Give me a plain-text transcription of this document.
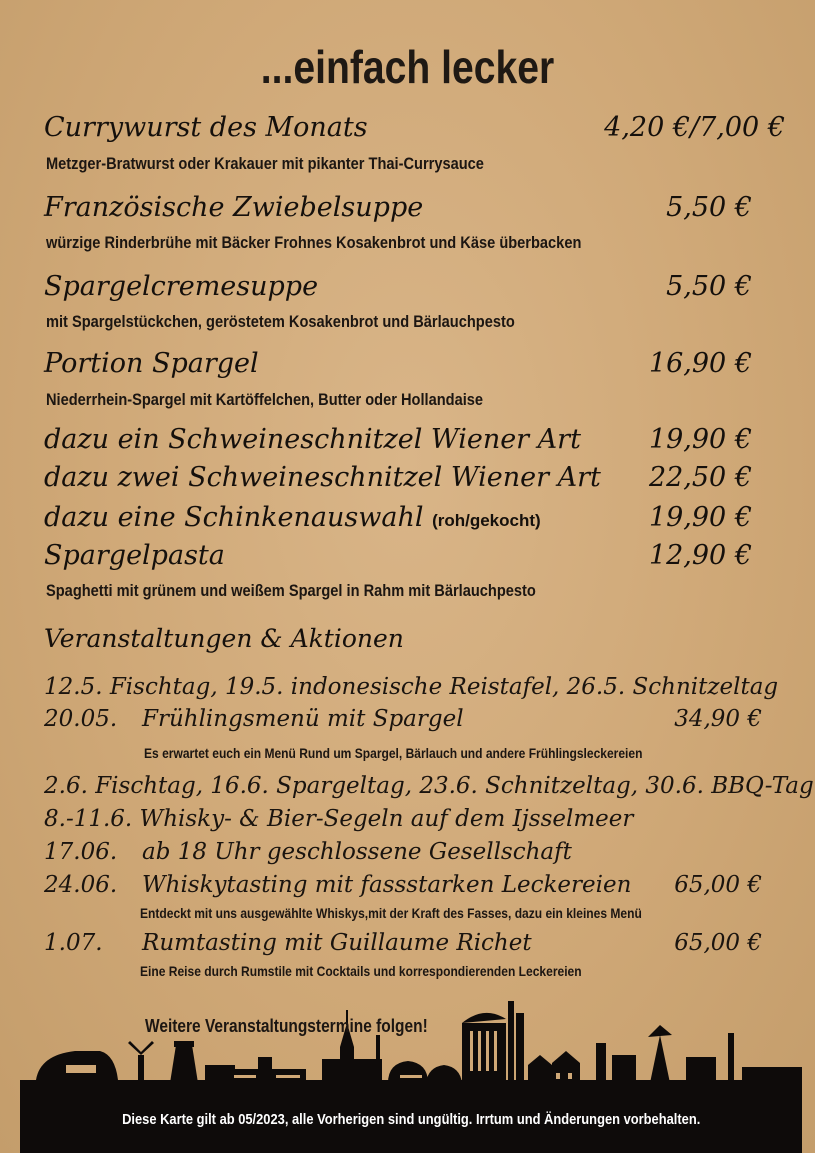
...einfach lecker
Currywurst des Monats	4,20 €/7,00 €
Metzger-Bratwurst oder Krakauer mit pikanter Thai-Currysauce
Französische Zwiebelsuppe	5,50 €
würzige Rinderbrühe mit Bäcker Frohnes Kosakenbrot und Käse überbacken
Spargelcremesuppe	5,50 €
mit Spargelstückchen, geröstetem Kosakenbrot und Bärlauchpesto
Portion Spargel	16,90 €
Niederrhein-Spargel mit Kartöffelchen, Butter oder Hollandaise
dazu ein Schweineschnitzel Wiener Art	19,90 €
dazu zwei Schweineschnitzel Wiener Art	22,50 €
dazu eine Schinkenauswahl (roh/gekocht)	19,90 €
Spargelpasta	12,90 €
Spaghetti mit grünem und weißem Spargel in Rahm mit Bärlauchpesto
Veranstaltungen & Aktionen
12.5. Fischtag, 19.5. indonesische Reistafel, 26.5. Schnitzeltag
20.05. Frühlingsmenü mit Spargel	34,90 €
Es erwartet euch ein Menü Rund um Spargel, Bärlauch und andere Frühlingsleckereien
2.6. Fischtag, 16.6. Spargeltag, 23.6. Schnitzeltag, 30.6. BBQ-Tag
8.-11.6. Whisky- & Bier-Segeln auf dem Ijsselmeer
17.06. ab 18 Uhr geschlossene Gesellschaft
24.06. Whiskytasting mit fassstarken Leckereien	65,00 €
Entdeckt mit uns ausgewählte Whiskys,mit der Kraft des Fasses, dazu ein kleines Menü
1.07. Rumtasting mit Guillaume Richet	65,00 €
Eine Reise durch Rumstile mit Cocktails und korrespondierenden Leckereien
Weitere Veranstaltungstermine folgen!
Diese Karte gilt ab 05/2023, alle Vorherigen sind ungültig. Irrtum und Änderungen vorbehalten.
